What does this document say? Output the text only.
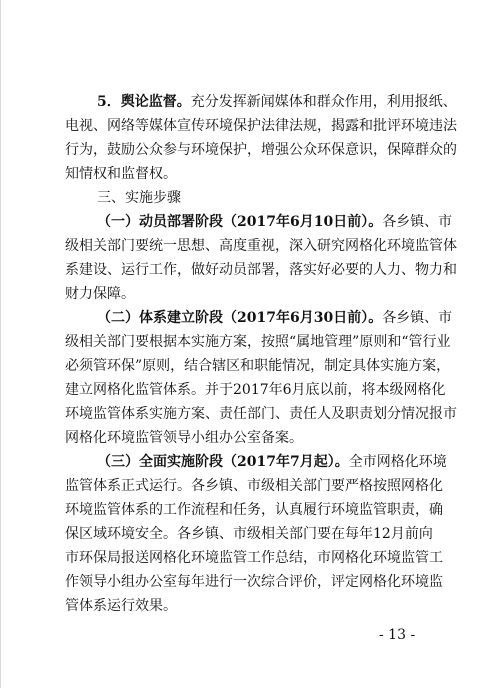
5．舆论监督。充分发挥新闻媒体和群众作用，利用报纸、

电视、网络等媒体宣传环境保护法律法规，揭露和批评环境违法

行为，鼓励公众参与环境保护，增强公众环保意识，保障群众的

知情权和监督权。

三、实施步骤

（一）动员部署阶段（2017年6月10日前）。各乡镇、市

级相关部门要统一思想、高度重视，深入研究网格化环境监管体

系建设、运行工作，做好动员部署，落实好必要的人力、物力和

财力保障。

（二）体系建立阶段（2017年6月30日前）。各乡镇、市

级相关部门要根据本实施方案，按照“属地管理”原则和“管行业

必须管环保”原则，结合辖区和职能情况，制定具体实施方案，

建立网格化监管体系。并于2017年6月底以前，将本级网格化

环境监管体系实施方案、责任部门、责任人及职责划分情况报市

网格化环境监管领导小组办公室备案。

（三）全面实施阶段（2017年7月起）。全市网格化环境

监管体系正式运行。各乡镇、市级相关部门要严格按照网格化

环境监管体系的工作流程和任务，认真履行环境监管职责，确

保区域环境安全。各乡镇、市级相关部门要在每年12月前向

市环保局报送网格化环境监管工作总结，市网格化环境监管工

作领导小组办公室每年进行一次综合评价，评定网格化环境监

管体系运行效果。

- 13 -
